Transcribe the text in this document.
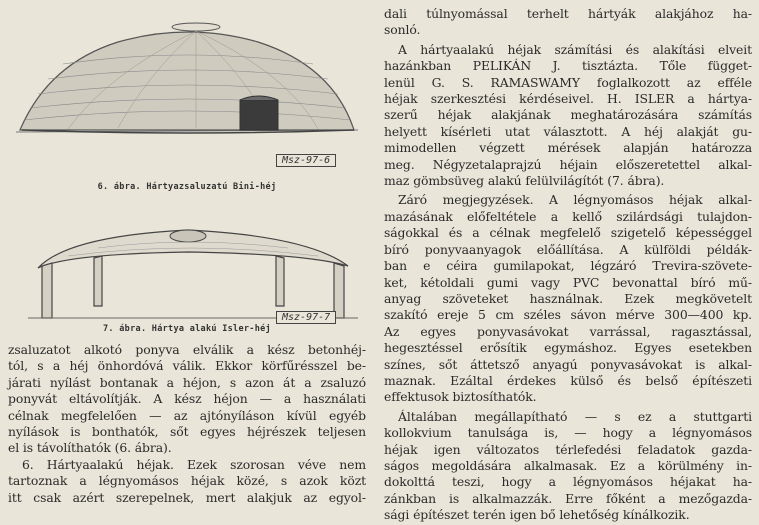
Msz-97-6
6. ábra. Hártyazsaluzatú Bini-héj
Msz-97-7
7. ábra. Hártya alakú Isler-héj

zsaluzatot alkotó ponyva elválik a kész betonhéj-
tól, s a héj önhordóvá válik. Ekkor körfűrésszel be-
járati nyílást bontanak a héjon, s azon át a zsaluzó
ponyvát eltávolítják. A kész héjon — a használati
célnak megfelelően — az ajtónyíláson kívül egyéb
nyílások is bonthatók, sőt egyes héjrészek teljesen
el is távolíthatók (6. ábra).

6. Hártyaalakú héjak. Ezek szorosan véve nem
tartoznak a légnyomásos héjak közé, s azok közt
itt csak azért szerepelnek, mert alakjuk az egyol-

dali túlnyomással terhelt hártyák alakjához ha-
sonló.

A hártyaalakú héjak számítási és alakítási elveit
hazánkban PELIKÁN J. tisztázta. Tőle függet-
lenül G. S. RAMASWAMY foglalkozott az efféle
héjak szerkesztési kérdéseivel. H. ISLER a hártya-
szerű héjak alakjának meghatározására számítás
helyett kísérleti utat választott. A héj alakját gu-
mimodellen végzett mérések alapján határozza
meg. Négyzetalaprajzú héjain előszeretettel alkal-
maz gömbsüveg alakú felülvilágítót (7. ábra).

Záró megjegyzések. A légnyomásos héjak alkal-
mazásának előfeltétele a kellő szilárdsági tulajdon-
ságokkal és a célnak megfelelő szigetelő képességgel
bíró ponyvaanyagok előállítása. A külföldi példák-
ban e céira gumilapokat, légzáró Trevira-szövete-
ket, kétoldali gumi vagy PVC bevonattal bíró mű-
anyag szöveteket használnak. Ezek megkövetelt
szakító ereje 5 cm széles sávon mérve 300—400 kp.
Az egyes ponyvasávokat varrással, ragasztással,
hegesztéssel erősítik egymáshoz. Egyes esetekben
színes, sőt áttetsző anyagú ponyvasávokat is alkal-
maznak. Ezáltal érdekes külső és belső építészeti
effektusok biztosíthatók.

Általában megállapítható — s ez a stuttgarti
kollokvium tanulsága is, — hogy a légnyomásos
héjak igen változatos térlefedési feladatok gazda-
ságos megoldására alkalmasak. Ez a körülmény in-
dokolttá teszi, hogy a légnyomásos héjakat ha-
zánkban is alkalmazzák. Erre főként a mezőgazda-
sági építészet terén igen bő lehetőség kínálkozik.
